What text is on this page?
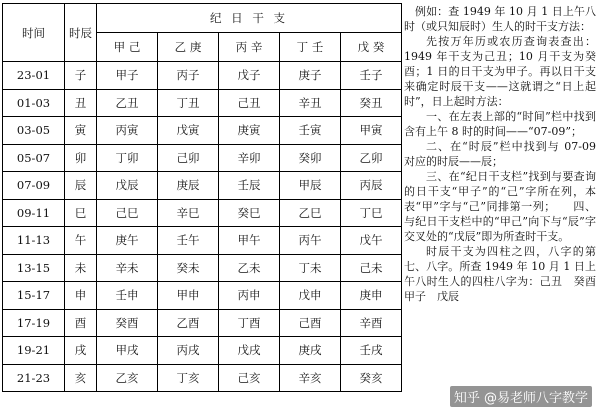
时间	时辰	纪 日 干 支				
		甲 己	乙 庚	丙 辛	丁 壬	戊 癸
23-01	子	甲子	丙子	戊子	庚子	壬子
01-03	丑	乙丑	丁丑	己丑	辛丑	癸丑
03-05	寅	丙寅	戊寅	庚寅	壬寅	甲寅
05-07	卯	丁卯	己卯	辛卯	癸卯	乙卯
07-09	辰	戊辰	庚辰	壬辰	甲辰	丙辰
09-11	巳	己巳	辛巳	癸巳	乙巳	丁巳
11-13	午	庚午	壬午	甲午	丙午	戊午
13-15	未	辛未	癸未	乙未	丁未	己未
15-17	申	壬申	甲申	丙申	戊申	庚申
17-19	酉	癸酉	乙酉	丁酉	己酉	辛酉
19-21	戌	甲戌	丙戌	戊戌	庚戌	壬戌
21-23	亥	乙亥	丁亥	己亥	辛亥	癸亥

例如：查 1949 年 10 月 1 日上午八时（或只知辰时）生人的时干支方法：

先按万年历或农历查询表查出：1949 年干支为己丑；10 月干支为癸酉；1 日的日干支为甲子。再以日干支来确定时辰干支——这就谓之“日上起时”，日上起时方法：

一、在左表上部的“时间”栏中找到含有上午 8 时的时间——“07-09”；

二、在“时辰”栏中找到与 07-09 对应的时辰——辰；

三、在“纪日干支栏”找到与要查询的日干支“甲子”的“己”字所在列，本表“甲”字与“己”同排第一列；　　四、与纪日干支栏中的“甲己”向下与“辰”字交叉处的“戊辰”即为所查时干支。

时辰干支为四柱之四，八字的第七、八字。所查 1949 年 10 月 1 日上午八时生人的四柱八字为：己丑　癸酉　甲子　戊辰

知乎 @易老师八字教学
